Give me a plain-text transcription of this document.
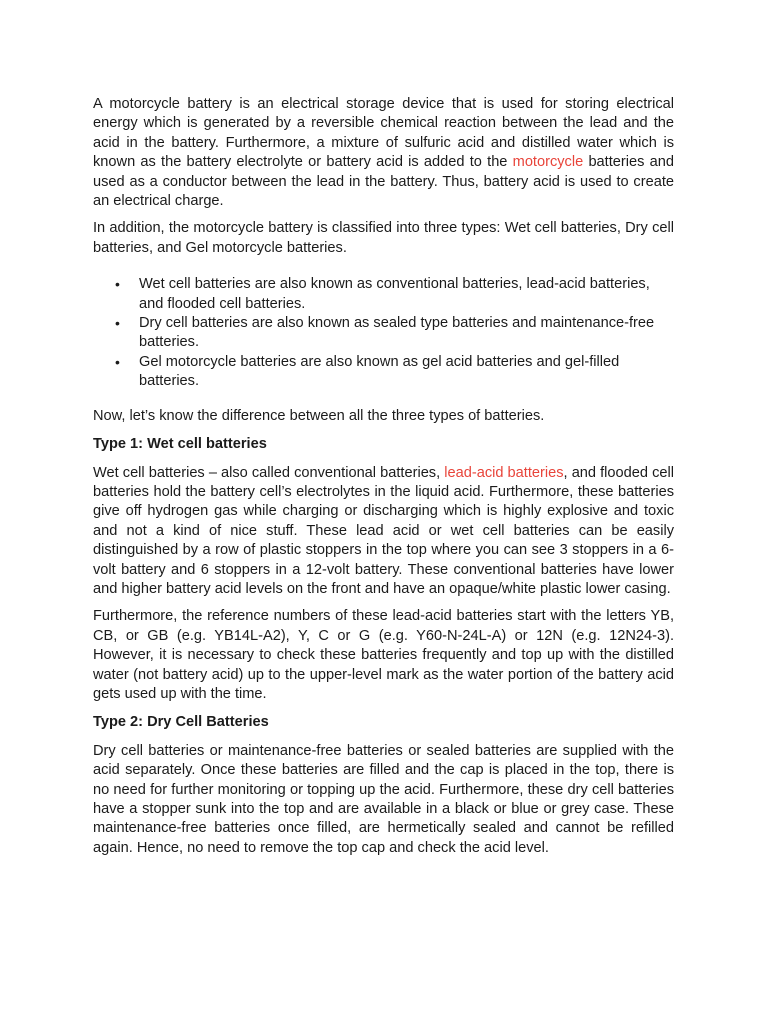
A motorcycle battery is an electrical storage device that is used for storing electrical energy which is generated by a reversible chemical reaction between the lead and the acid in the battery. Furthermore, a mixture of sulfuric acid and distilled water which is known as the battery electrolyte or battery acid is added to the motorcycle batteries and used as a conductor between the lead in the battery. Thus, battery acid is used to create an electrical charge.

In addition, the motorcycle battery is classified into three types: Wet cell batteries, Dry cell batteries, and Gel motorcycle batteries.

• Wet cell batteries are also known as conventional batteries, lead-acid batteries, and flooded cell batteries.
• Dry cell batteries are also known as sealed type batteries and maintenance-free batteries.
• Gel motorcycle batteries are also known as gel acid batteries and gel-filled batteries.

Now, let’s know the difference between all the three types of batteries.

Type 1: Wet cell batteries

Wet cell batteries – also called conventional batteries, lead-acid batteries, and flooded cell batteries hold the battery cell’s electrolytes in the liquid acid. Furthermore, these batteries give off hydrogen gas while charging or discharging which is highly explosive and toxic and not a kind of nice stuff. These lead acid or wet cell batteries can be easily distinguished by a row of plastic stoppers in the top where you can see 3 stoppers in a 6-volt battery and 6 stoppers in a 12-volt battery. These conventional batteries have lower and higher battery acid levels on the front and have an opaque/white plastic lower casing.

Furthermore, the reference numbers of these lead-acid batteries start with the letters YB, CB, or GB (e.g. YB14L-A2), Y, C or G (e.g. Y60-N-24L-A) or 12N (e.g. 12N24-3). However, it is necessary to check these batteries frequently and top up with the distilled water (not battery acid) up to the upper-level mark as the water portion of the battery acid gets used up with the time.

Type 2: Dry Cell Batteries

Dry cell batteries or maintenance-free batteries or sealed batteries are supplied with the acid separately. Once these batteries are filled and the cap is placed in the top, there is no need for further monitoring or topping up the acid. Furthermore, these dry cell batteries have a stopper sunk into the top and are available in a black or blue or grey case. These maintenance-free batteries once filled, are hermetically sealed and cannot be refilled again. Hence, no need to remove the top cap and check the acid level.
